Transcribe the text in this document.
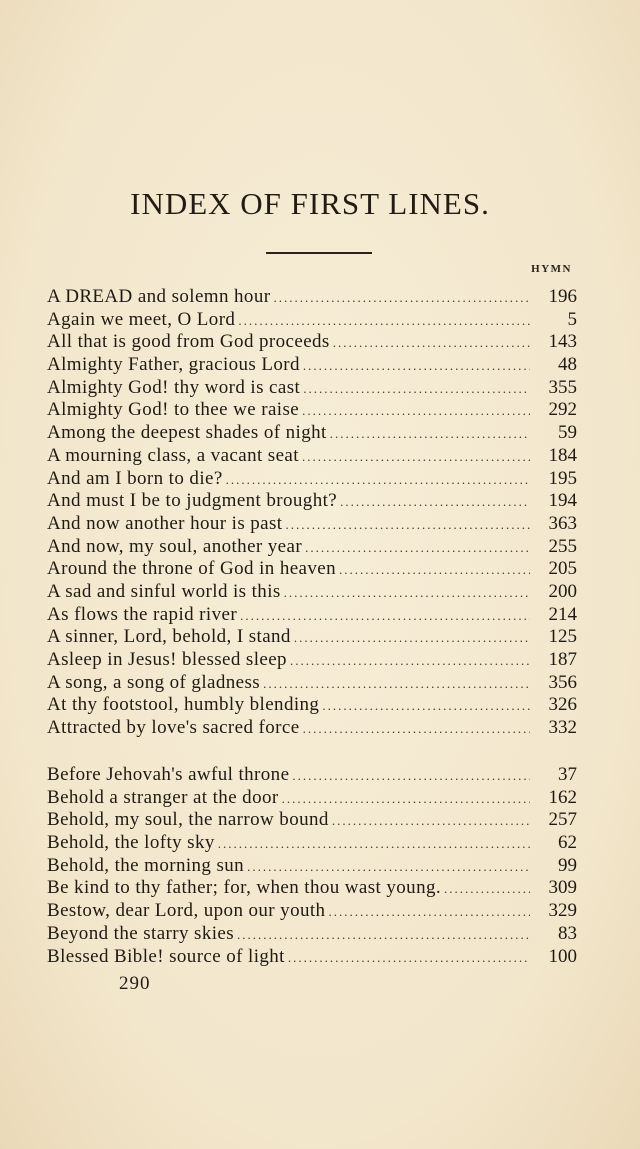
INDEX OF FIRST LINES.
HYMN
A DREAD and solemn hour .....	196
Again we meet, O Lord .....	5
All that is good from God proceeds .....	143
Almighty Father, gracious Lord .....	48
Almighty God! thy word is cast .....	355
Almighty God! to thee we raise .....	292
Among the deepest shades of night .....	59
A mourning class, a vacant seat .....	184
And am I born to die? .....	195
And must I be to judgment brought? .....	194
And now another hour is past .....	363
And now, my soul, another year .....	255
Around the throne of God in heaven .....	205
A sad and sinful world is this .....	200
As flows the rapid river .....	214
A sinner, Lord, behold, I stand .....	125
Asleep in Jesus! blessed sleep .....	187
A song, a song of gladness .....	356
At thy footstool, humbly blending .....	326
Attracted by love's sacred force .....	332
Before Jehovah's awful throne .....	37
Behold a stranger at the door .....	162
Behold, my soul, the narrow bound .....	257
Behold, the lofty sky .....	62
Behold, the morning sun .....	99
Be kind to thy father; for, when thou wast young. .....	309
Bestow, dear Lord, upon our youth .....	329
Beyond the starry skies .....	83
Blessed Bible! source of light .....	100
290
